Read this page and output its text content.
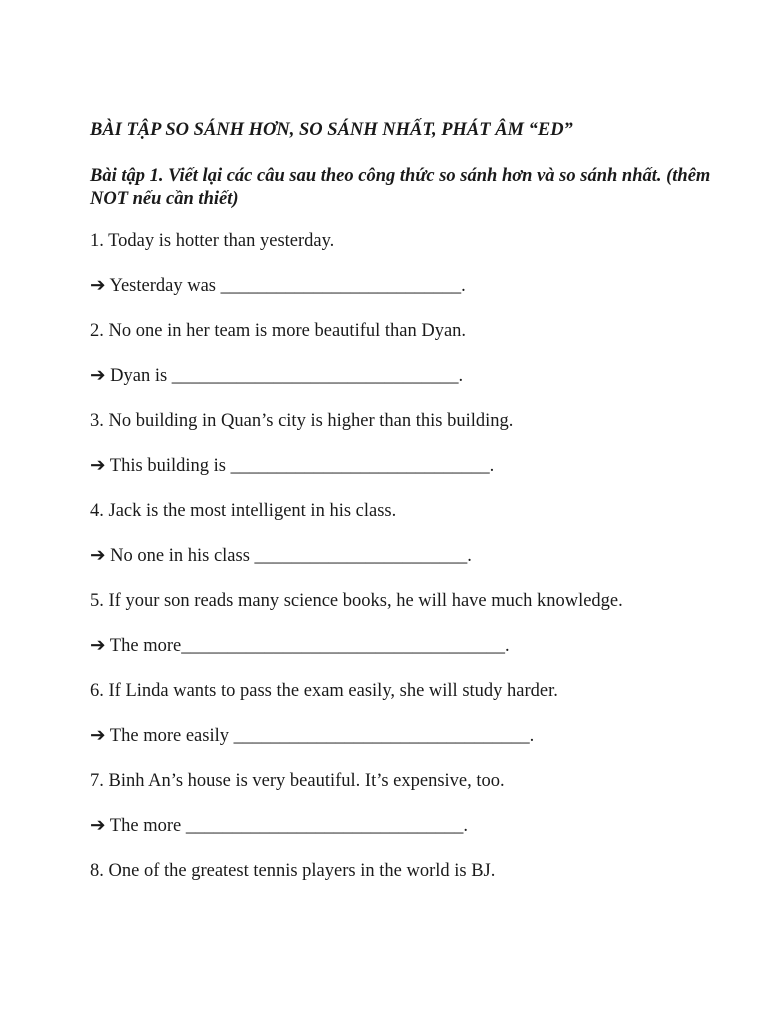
BÀI TẬP SO SÁNH HƠN, SO SÁNH NHẤT, PHÁT ÂM “ED”

Bài tập 1. Viết lại các câu sau theo công thức so sánh hơn và so sánh nhất. (thêm NOT nếu cần thiết)

1. Today is hotter than yesterday.

➔ Yesterday was __________________________.

2. No one in her team is more beautiful than Dyan.

➔ Dyan is _______________________________.

3. No building in Quan’s city is higher than this building.

➔ This building is ____________________________.

4. Jack is the most intelligent in his class.

➔ No one in his class _______________________.

5. If your son reads many science books, he will have much knowledge.

➔ The more___________________________________.

6. If Linda wants to pass the exam easily, she will study harder.

➔ The more easily ________________________________.

7. Binh An’s house is very beautiful. It’s expensive, too.

➔ The more ______________________________.

8. One of the greatest tennis players in the world is BJ.
